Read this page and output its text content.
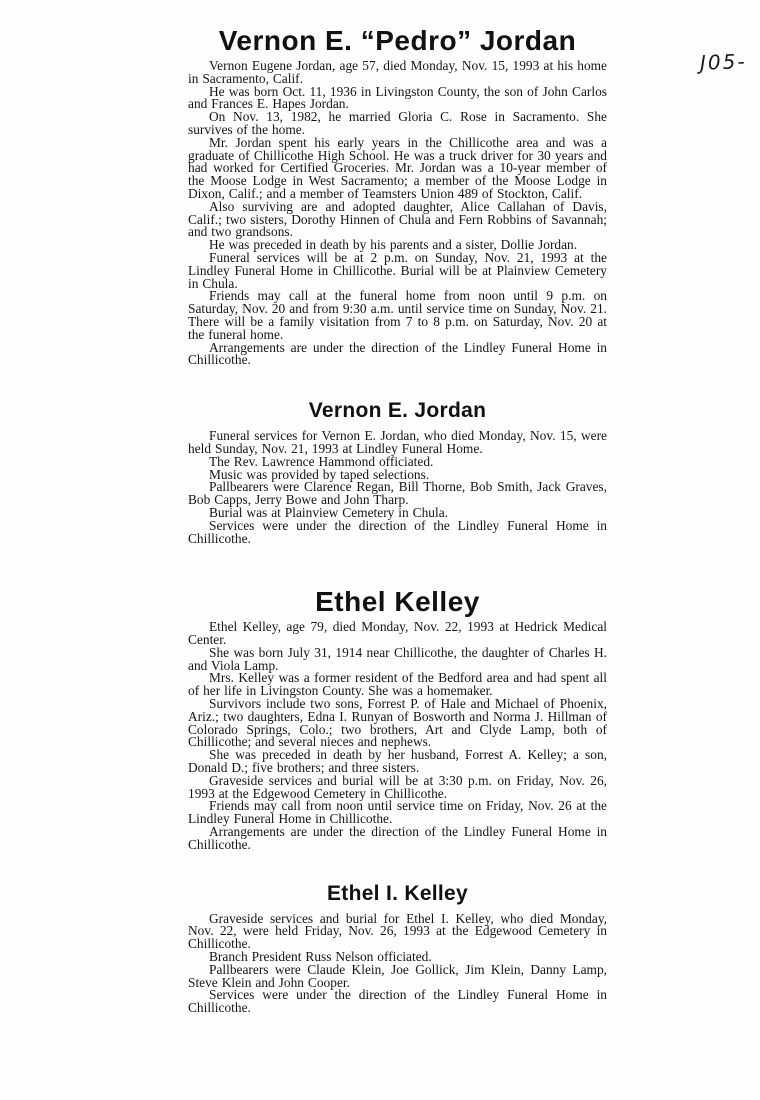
J05-
Vernon E. “Pedro” Jordan

Vernon Eugene Jordan, age 57, died Monday, Nov. 15, 1993 at his home in Sacramento, Calif.

He was born Oct. 11, 1936 in Livingston County, the son of John Carlos and Frances E. Hapes Jordan.

On Nov. 13, 1982, he married Gloria C. Rose in Sacramento. She survives of the home.

Mr. Jordan spent his early years in the Chillicothe area and was a graduate of Chillicothe High School. He was a truck driver for 30 years and had worked for Certified Groceries. Mr. Jordan was a 10-year member of the Moose Lodge in West Sacramento; a member of the Moose Lodge in Dixon, Calif.; and a member of Teamsters Union 489 of Stockton, Calif.

Also surviving are and adopted daughter, Alice Callahan of Davis, Calif.; two sisters, Dorothy Hinnen of Chula and Fern Robbins of Savannah; and two grandsons.

He was preceded in death by his parents and a sister, Dollie Jordan.

Funeral services will be at 2 p.m. on Sunday, Nov. 21, 1993 at the Lindley Funeral Home in Chillicothe. Burial will be at Plainview Cemetery in Chula.

Friends may call at the funeral home from noon until 9 p.m. on Saturday, Nov. 20 and from 9:30 a.m. until service time on Sunday, Nov. 21. There will be a family visitation from 7 to 8 p.m. on Saturday, Nov. 20 at the funeral home.

Arrangements are under the direction of the Lindley Funeral Home in Chillicothe.

Vernon E. Jordan

Funeral services for Vernon E. Jordan, who died Monday, Nov. 15, were held Sunday, Nov. 21, 1993 at Lindley Funeral Home.

The Rev. Lawrence Hammond officiated.

Music was provided by taped selections.

Pallbearers were Clarence Regan, Bill Thorne, Bob Smith, Jack Graves, Bob Capps, Jerry Bowe and John Tharp.

Burial was at Plainview Cemetery in Chula.

Services were under the direction of the Lindley Funeral Home in Chillicothe.

Ethel Kelley

Ethel Kelley, age 79, died Monday, Nov. 22, 1993 at Hedrick Medical Center.

She was born July 31, 1914 near Chillicothe, the daughter of Charles H. and Viola Lamp.

Mrs. Kelley was a former resident of the Bedford area and had spent all of her life in Livingston County. She was a homemaker.

Survivors include two sons, Forrest P. of Hale and Michael of Phoenix, Ariz.; two daughters, Edna I. Runyan of Bosworth and Norma J. Hillman of Colorado Springs, Colo.; two brothers, Art and Clyde Lamp, both of Chillicothe; and several nieces and nephews.

She was preceded in death by her husband, Forrest A. Kelley; a son, Donald D.; five brothers; and three sisters.

Graveside services and burial will be at 3:30 p.m. on Friday, Nov. 26, 1993 at the Edgewood Cemetery in Chillicothe.

Friends may call from noon until service time on Friday, Nov. 26 at the Lindley Funeral Home in Chillicothe.

Arrangements are under the direction of the Lindley Funeral Home in Chillicothe.

Ethel I. Kelley

Graveside services and burial for Ethel I. Kelley, who died Monday, Nov. 22, were held Friday, Nov. 26, 1993 at the Edgewood Cemetery in Chillicothe.

Branch President Russ Nelson officiated.

Pallbearers were Claude Klein, Joe Gollick, Jim Klein, Danny Lamp, Steve Klein and John Cooper.

Services were under the direction of the Lindley Funeral Home in Chillicothe.
